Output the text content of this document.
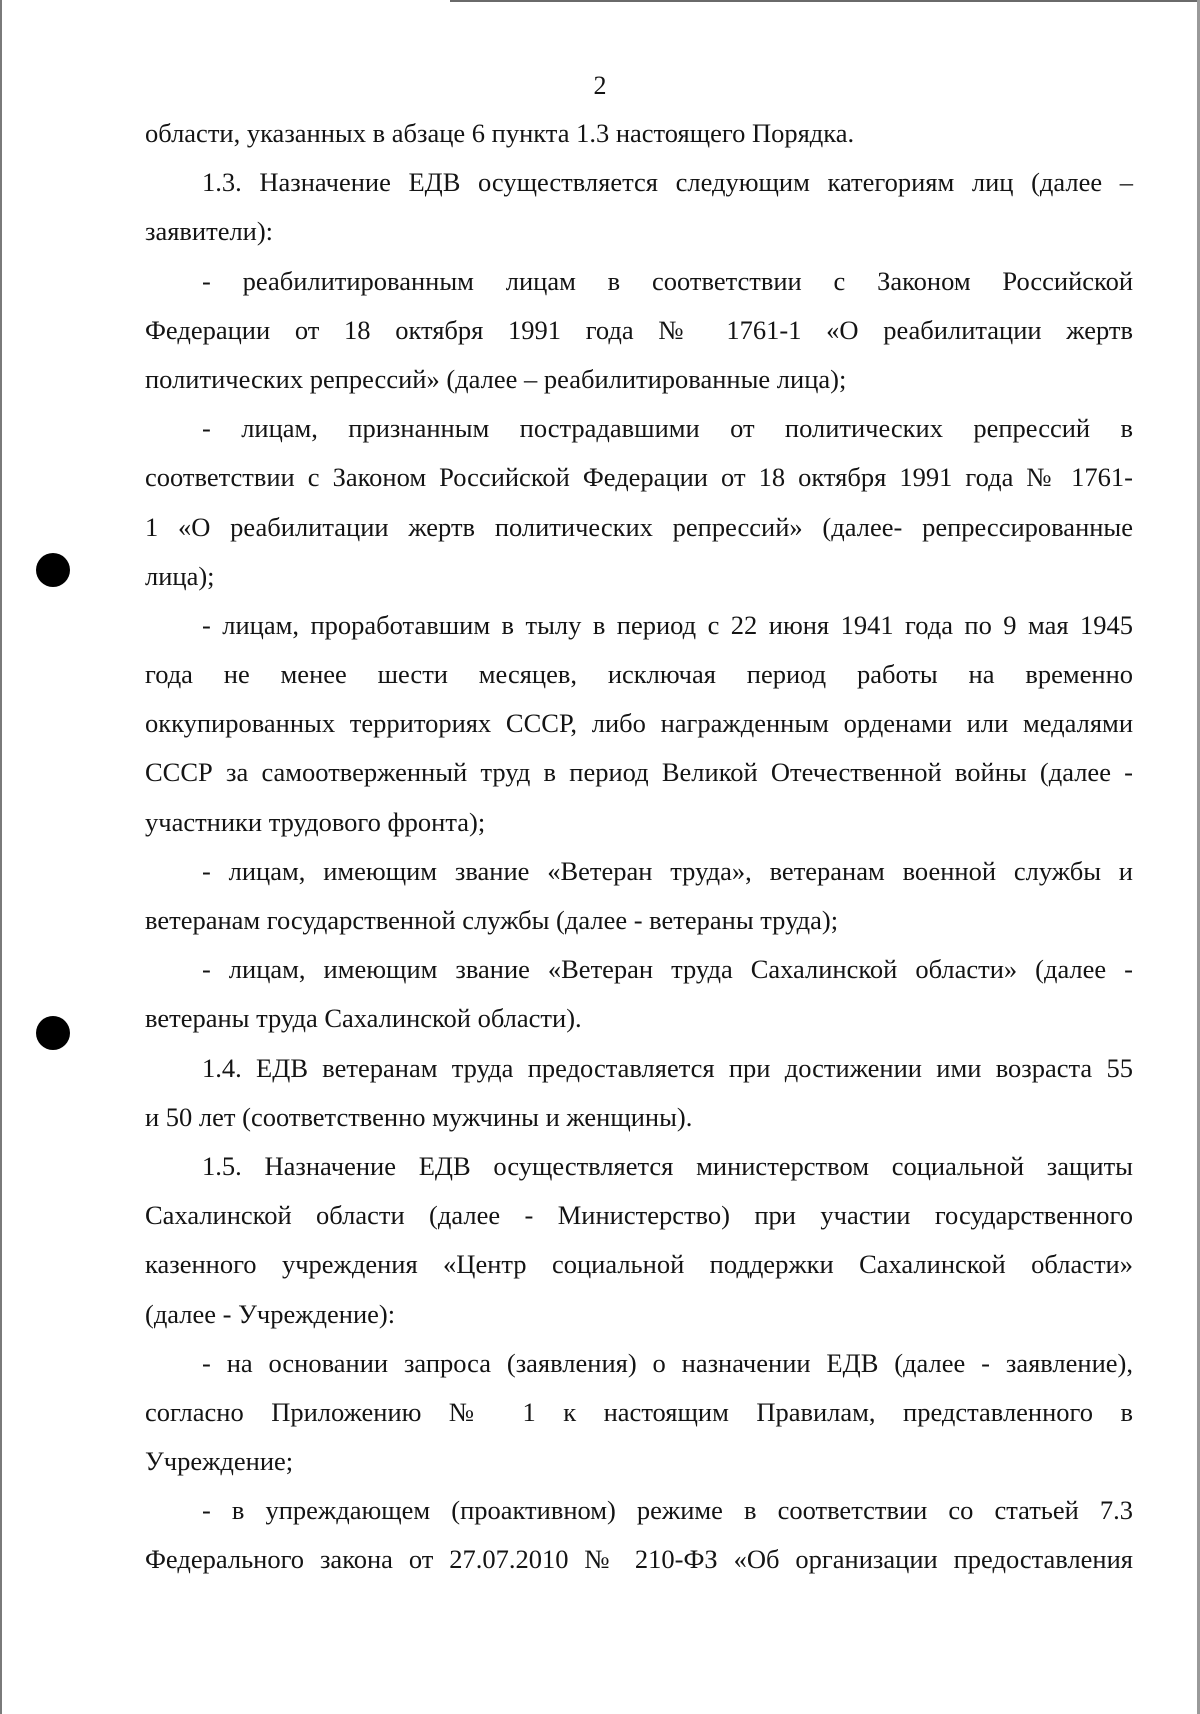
2
области, указанных в абзаце 6 пункта 1.3 настоящего Порядка.
1.3. Назначение ЕДВ осуществляется следующим категориям лиц (далее –
заявители):
- реабилитированным лицам в соответствии с Законом Российской
Федерации от 18 октября 1991 года № 1761-1 «О реабилитации жертв
политических репрессий» (далее – реабилитированные лица);
- лицам, признанным пострадавшими от политических репрессий в
соответствии с Законом Российской Федерации от 18 октября 1991 года № 1761-
1 «О реабилитации жертв политических репрессий» (далее- репрессированные
лица);
- лицам, проработавшим в тылу в период с 22 июня 1941 года по 9 мая 1945
года не менее шести месяцев, исключая период работы на временно
оккупированных территориях СССР, либо награжденным орденами или медалями
СССР за самоотверженный труд в период Великой Отечественной войны (далее -
участники трудового фронта);
- лицам, имеющим звание «Ветеран труда», ветеранам военной службы и
ветеранам государственной службы (далее - ветераны труда);
- лицам, имеющим звание «Ветеран труда Сахалинской области» (далее -
ветераны труда Сахалинской области).
1.4. ЕДВ ветеранам труда предоставляется при достижении ими возраста 55
и 50 лет (соответственно мужчины и женщины).
1.5. Назначение ЕДВ осуществляется министерством социальной защиты
Сахалинской области (далее - Министерство) при участии государственного
казенного учреждения «Центр социальной поддержки Сахалинской области»
(далее - Учреждение):
- на основании запроса (заявления) о назначении ЕДВ (далее - заявление),
согласно Приложению № 1 к настоящим Правилам, представленного в
Учреждение;
- в упреждающем (проактивном) режиме в соответствии со статьей 7.3
Федерального закона от 27.07.2010 № 210-ФЗ «Об организации предоставления
